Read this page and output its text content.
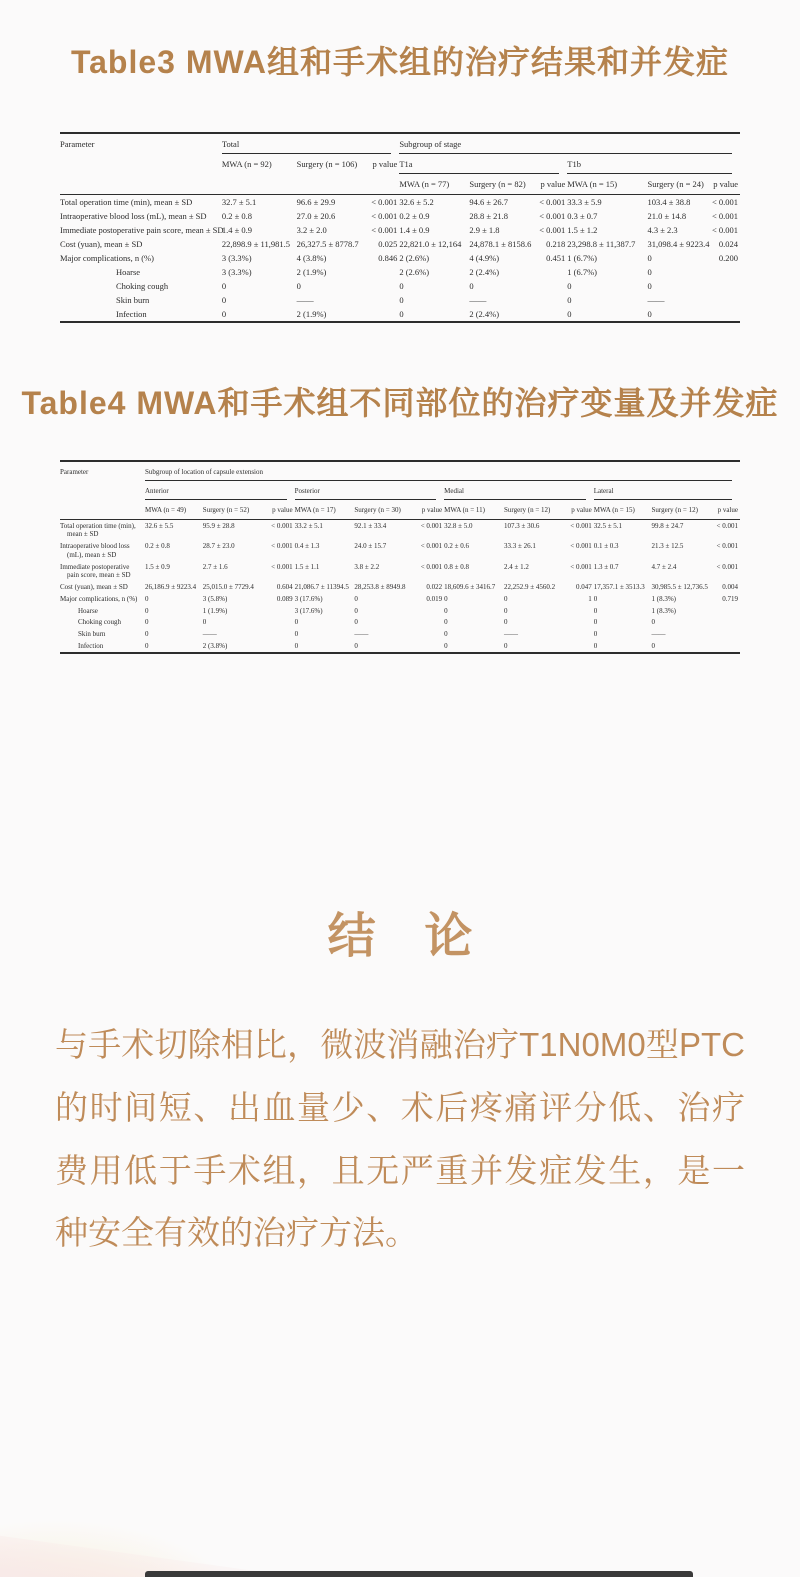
Table3 MWA组和手术组的治疗结果和并发症
Parameter	Total			Subgroup of stage					
	MWA (n = 92)	Surgery (n = 106)	p value	T1a			T1b		
				MWA (n = 77)	Surgery (n = 82)	p value	MWA (n = 15)	Surgery (n = 24)	p value
Total operation time (min), mean ± SD	32.7 ± 5.1	96.6 ± 29.9	< 0.001	32.6 ± 5.2	94.6 ± 26.7	< 0.001	33.3 ± 5.9	103.4 ± 38.8	< 0.001
Intraoperative blood loss (mL), mean ± SD	0.2 ± 0.8	27.0 ± 20.6	< 0.001	0.2 ± 0.9	28.8 ± 21.8	< 0.001	0.3 ± 0.7	21.0 ± 14.8	< 0.001
Immediate postoperative pain score, mean ± SD	1.4 ± 0.9	3.2 ± 2.0	< 0.001	1.4 ± 0.9	2.9 ± 1.8	< 0.001	1.5 ± 1.2	4.3 ± 2.3	< 0.001
Cost (yuan), mean ± SD	22,898.9 ± 11,981.5	26,327.5 ± 8778.7	0.025	22,821.0 ± 12,164	24,878.1 ± 8158.6	0.218	23,298.8 ± 11,387.7	31,098.4 ± 9223.4	0.024
Major complications, n (%)	3 (3.3%)	4 (3.8%)	0.846	2 (2.6%)	4 (4.9%)	0.451	1 (6.7%)	0	0.200
Hoarse	3 (3.3%)	2 (1.9%)		2 (2.6%)	2 (2.4%)		1 (6.7%)	0	
Choking cough	0	0		0	0		0	0	
Skin burn	0	——		0	——		0	——	
Infection	0	2 (1.9%)		0	2 (2.4%)		0	0	
Table4 MWA和手术组不同部位的治疗变量及并发症
Parameter	Subgroup of location of capsule extension											
	Anterior			Posterior			Medial			Lateral		
	MWA (n = 49)	Surgery (n = 52)	p value	MWA (n = 17)	Surgery (n = 30)	p value	MWA (n = 11)	Surgery (n = 12)	p value	MWA (n = 15)	Surgery (n = 12)	p value
Total operation time (min), mean ± SD	32.6 ± 5.5	95.9 ± 28.8	< 0.001	33.2 ± 5.1	92.1 ± 33.4	< 0.001	32.8 ± 5.0	107.3 ± 30.6	< 0.001	32.5 ± 5.1	99.8 ± 24.7	< 0.001
Intraoperative blood loss (mL), mean ± SD	0.2 ± 0.8	28.7 ± 23.0	< 0.001	0.4 ± 1.3	24.0 ± 15.7	< 0.001	0.2 ± 0.6	33.3 ± 26.1	< 0.001	0.1 ± 0.3	21.3 ± 12.5	< 0.001
Immediate postoperative pain score, mean ± SD	1.5 ± 0.9	2.7 ± 1.6	< 0.001	1.5 ± 1.1	3.8 ± 2.2	< 0.001	0.8 ± 0.8	2.4 ± 1.2	< 0.001	1.3 ± 0.7	4.7 ± 2.4	< 0.001
Cost (yuan), mean ± SD	26,186.9 ± 9223.4	25,015.0 ± 7729.4	0.604	21,086.7 ± 11394.5	28,253.8 ± 8949.8	0.022	18,609.6 ± 3416.7	22,252.9 ± 4560.2	0.047	17,357.1 ± 3513.3	30,985.5 ± 12,736.5	0.004
Major complications, n (%)	0	3 (5.8%)	0.089	3 (17.6%)	0	0.019	0	0	1	0	1 (8.3%)	0.719
Hoarse	0	1 (1.9%)		3 (17.6%)	0		0	0		0	1 (8.3%)	
Choking cough	0	0		0	0		0	0		0	0	
Skin burn	0	——		0	——		0	——		0	——	
Infection	0	2 (3.8%)		0	0		0	0		0	0	
结 论

与手术切除相比，微波消融治疗T1N0M0型PTC的时间短、出血量少、术后疼痛评分低、治疗费用低于手术组，且无严重并发症发生，是一种安全有效的治疗方法。
